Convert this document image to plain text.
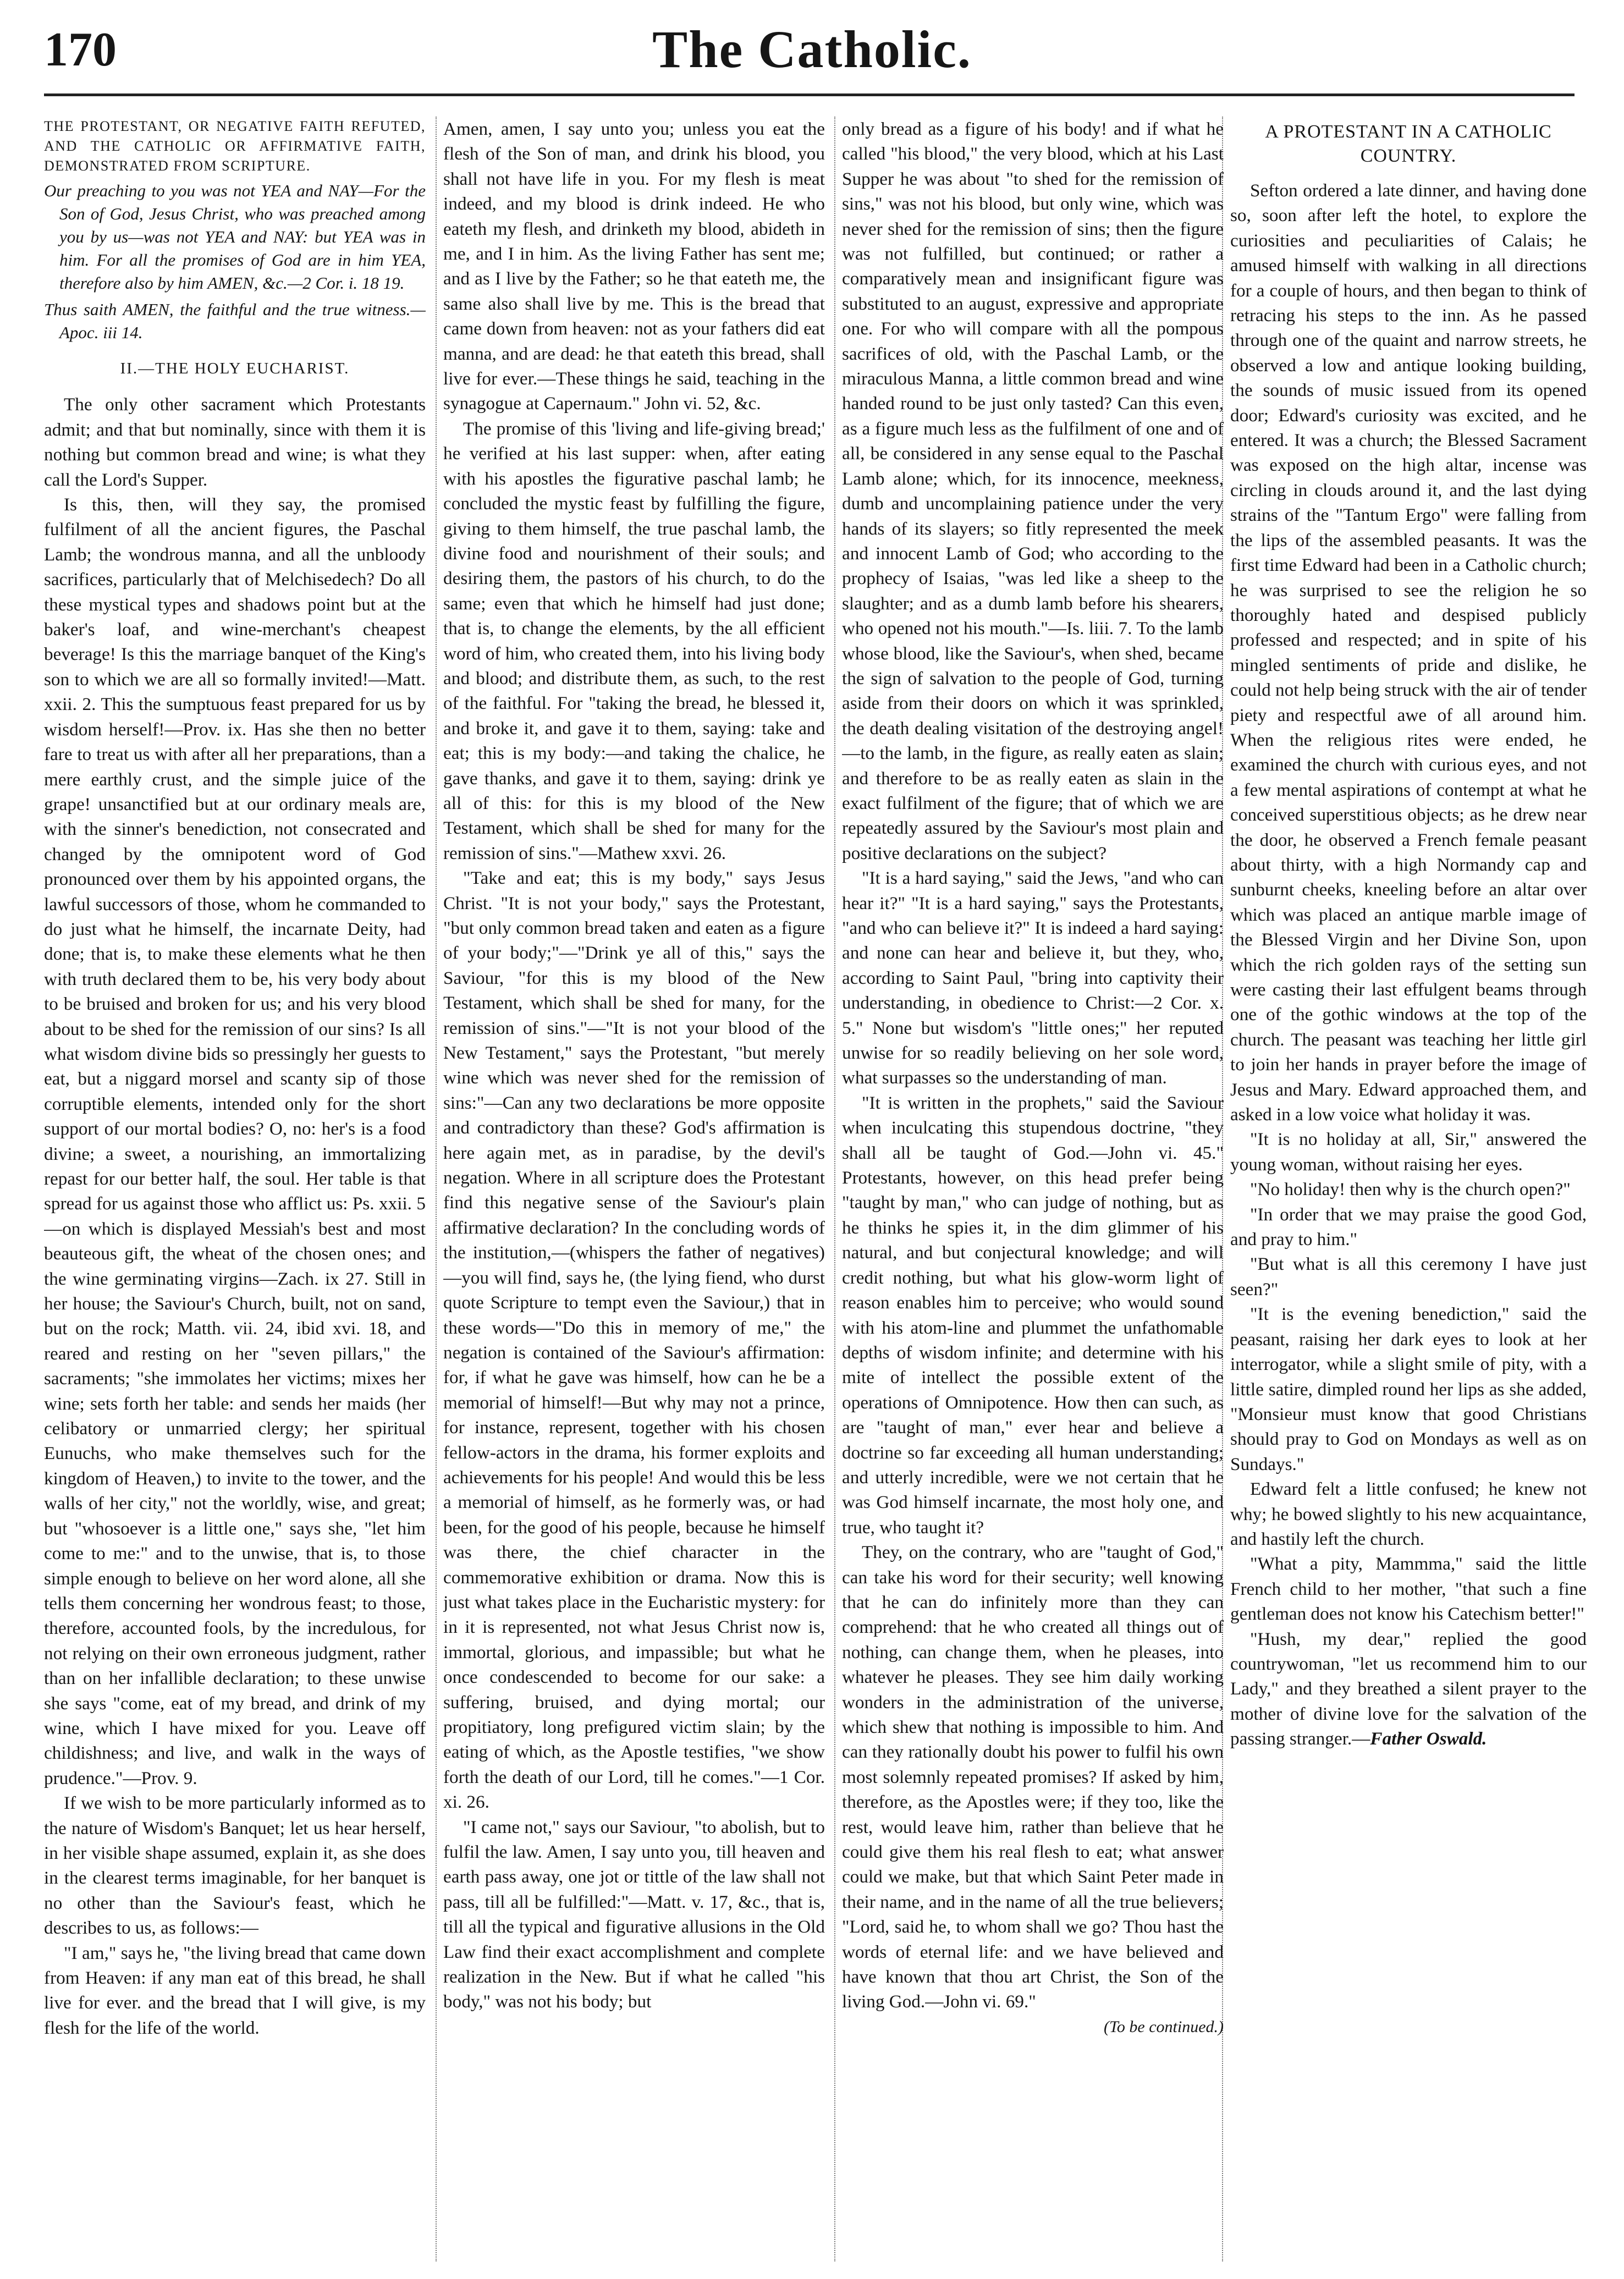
170	The Catholic.
THE PROTESTANT, OR NEGATIVE FAITH REFUTED, AND THE CATHOLIC OR AFFIRMATIVE FAITH, DEMONSTRATED FROM SCRIPTURE.
Our preaching to you was not YEA and NAY—For the Son of God, Jesus Christ, who was preached among you by us—was not YEA and NAY: but YEA was in him. For all the promises of God are in him YEA, therefore also by him AMEN, &c.—2 Cor. i. 18 19.
Thus saith AMEN, the faithful and the true witness.—Apoc. iii 14.
II.—THE HOLY EUCHARIST.

The only other sacrament which Protestants admit; and that but nominally, since with them it is nothing but common bread and wine; is what they call the Lord's Supper.

Is this, then, will they say, the promised fulfilment of all the ancient figures, the Paschal Lamb; the wondrous manna, and all the unbloody sacrifices, particularly that of Melchisedech? Do all these mystical types and shadows point but at the baker's loaf, and wine-merchant's cheapest beverage! Is this the marriage banquet of the King's son to which we are all so formally invited!—Matt. xxii. 2. This the sumptuous feast prepared for us by wisdom herself!—Prov. ix. Has she then no better fare to treat us with after all her preparations, than a mere earthly crust, and the simple juice of the grape! unsanctified but at our ordinary meals are, with the sinner's benediction, not consecrated and changed by the omnipotent word of God pronounced over them by his appointed organs, the lawful successors of those, whom he commanded to do just what he himself, the incarnate Deity, had done; that is, to make these elements what he then with truth declared them to be, his very body about to be bruised and broken for us; and his very blood about to be shed for the remission of our sins? Is all what wisdom divine bids so pressingly her guests to eat, but a niggard morsel and scanty sip of those corruptible elements, intended only for the short support of our mortal bodies? O, no: her's is a food divine; a sweet, a nourishing, an immortalizing repast for our better half, the soul. Her table is that spread for us against those who afflict us: Ps. xxii. 5—on which is displayed Messiah's best and most beauteous gift, the wheat of the chosen ones; and the wine germinating virgins—Zach. ix 27. Still in her house; the Saviour's Church, built, not on sand, but on the rock; Matth. vii. 24, ibid xvi. 18, and reared and resting on her "seven pillars," the sacraments; "she immolates her victims; mixes her wine; sets forth her table: and sends her maids (her celibatory or unmarried clergy; her spiritual Eunuchs, who make themselves such for the kingdom of Heaven,) to invite to the tower, and the walls of her city," not the worldly, wise, and great; but "whosoever is a little one," says she, "let him come to me:" and to the unwise, that is, to those simple enough to believe on her word alone, all she tells them concerning her wondrous feast; to those, therefore, accounted fools, by the incredulous, for not relying on their own erroneous judgment, rather than on her infallible declaration; to these unwise she says "come, eat of my bread, and drink of my wine, which I have mixed for you. Leave off childishness; and live, and walk in the ways of prudence."—Prov. 9.

If we wish to be more particularly informed as to the nature of Wisdom's Banquet; let us hear herself, in her visible shape assumed, explain it, as she does in the clearest terms imaginable, for her banquet is no other than the Saviour's feast, which he describes to us, as follows:—

"I am," says he, "the living bread that came down from Heaven: if any man eat of this bread, he shall live for ever. and the bread that I will give, is my flesh for the life of the world.

Amen, amen, I say unto you; unless you eat the flesh of the Son of man, and drink his blood, you shall not have life in you. For my flesh is meat indeed, and my blood is drink indeed. He who eateth my flesh, and drinketh my blood, abideth in me, and I in him. As the living Father has sent me; and as I live by the Father; so he that eateth me, the same also shall live by me. This is the bread that came down from heaven: not as your fathers did eat manna, and are dead: he that eateth this bread, shall live for ever.—These things he said, teaching in the synagogue at Capernaum." John vi. 52, &c.

The promise of this 'living and life-giving bread;' he verified at his last supper: when, after eating with his apostles the figurative paschal lamb; he concluded the mystic feast by fulfilling the figure, giving to them himself, the true paschal lamb, the divine food and nourishment of their souls; and desiring them, the pastors of his church, to do the same; even that which he himself had just done; that is, to change the elements, by the all efficient word of him, who created them, into his living body and blood; and distribute them, as such, to the rest of the faithful. For "taking the bread, he blessed it, and broke it, and gave it to them, saying: take and eat; this is my body:—and taking the chalice, he gave thanks, and gave it to them, saying: drink ye all of this: for this is my blood of the New Testament, which shall be shed for many for the remission of sins."—Mathew xxvi. 26.

"Take and eat; this is my body," says Jesus Christ. "It is not your body," says the Protestant, "but only common bread taken and eaten as a figure of your body;"—"Drink ye all of this," says the Saviour, "for this is my blood of the New Testament, which shall be shed for many, for the remission of sins."—"It is not your blood of the New Testament," says the Protestant, "but merely wine which was never shed for the remission of sins:"—Can any two declarations be more opposite and contradictory than these? God's affirmation is here again met, as in paradise, by the devil's negation. Where in all scripture does the Protestant find this negative sense of the Saviour's plain affirmative declaration? In the concluding words of the institution,—(whispers the father of negatives)—you will find, says he, (the lying fiend, who durst quote Scripture to tempt even the Saviour,) that in these words—"Do this in memory of me," the negation is contained of the Saviour's affirmation: for, if what he gave was himself, how can he be a memorial of himself!—But why may not a prince, for instance, represent, together with his chosen fellow-actors in the drama, his former exploits and achievements for his people! And would this be less a memorial of himself, as he formerly was, or had been, for the good of his people, because he himself was there, the chief character in the commemorative exhibition or drama. Now this is just what takes place in the Eucharistic mystery: for in it is represented, not what Jesus Christ now is, immortal, glorious, and impassible; but what he once condescended to become for our sake: a suffering, bruised, and dying mortal; our propitiatory, long prefigured victim slain; by the eating of which, as the Apostle testifies, "we show forth the death of our Lord, till he comes."—1 Cor. xi. 26.

"I came not," says our Saviour, "to abolish, but to fulfil the law. Amen, I say unto you, till heaven and earth pass away, one jot or tittle of the law shall not pass, till all be fulfilled:"—Matt. v. 17, &c., that is, till all the typical and figurative allusions in the Old Law find their exact accomplishment and complete realization in the New. But if what he called "his body," was not his body; but

only bread as a figure of his body! and if what he called "his blood," the very blood, which at his Last Supper he was about "to shed for the remission of sins," was not his blood, but only wine, which was never shed for the remission of sins; then the figure was not fulfilled, but continued; or rather a comparatively mean and insignificant figure was substituted to an august, expressive and appropriate one. For who will compare with all the pompous sacrifices of old, with the Paschal Lamb, or the miraculous Manna, a little common bread and wine handed round to be just only tasted? Can this even, as a figure much less as the fulfilment of one and of all, be considered in any sense equal to the Paschal Lamb alone; which, for its innocence, meekness, dumb and uncomplaining patience under the very hands of its slayers; so fitly represented the meek and innocent Lamb of God; who according to the prophecy of Isaias, "was led like a sheep to the slaughter; and as a dumb lamb before his shearers, who opened not his mouth."—Is. liii. 7. To the lamb whose blood, like the Saviour's, when shed, became the sign of salvation to the people of God, turning aside from their doors on which it was sprinkled, the death dealing visitation of the destroying angel!—to the lamb, in the figure, as really eaten as slain; and therefore to be as really eaten as slain in the exact fulfilment of the figure; that of which we are repeatedly assured by the Saviour's most plain and positive declarations on the subject?

"It is a hard saying," said the Jews, "and who can hear it?" "It is a hard saying," says the Protestants, "and who can believe it?" It is indeed a hard saying: and none can hear and believe it, but they, who, according to Saint Paul, "bring into captivity their understanding, in obedience to Christ:—2 Cor. x. 5." None but wisdom's "little ones;" her reputed unwise for so readily believing on her sole word, what surpasses so the understanding of man.

"It is written in the prophets," said the Saviour when inculcating this stupendous doctrine, "they shall all be taught of God.—John vi. 45." Protestants, however, on this head prefer being "taught by man," who can judge of nothing, but as he thinks he spies it, in the dim glimmer of his natural, and but conjectural knowledge; and will credit nothing, but what his glow-worm light of reason enables him to perceive; who would sound with his atom-line and plummet the unfathomable depths of wisdom infinite; and determine with his mite of intellect the possible extent of the operations of Omnipotence. How then can such, as are "taught of man," ever hear and believe a doctrine so far exceeding all human understanding; and utterly incredible, were we not certain that he was God himself incarnate, the most holy one, and true, who taught it?

They, on the contrary, who are "taught of God," can take his word for their security; well knowing that he can do infinitely more than they can comprehend: that he who created all things out of nothing, can change them, when he pleases, into whatever he pleases. They see him daily working wonders in the administration of the universe, which shew that nothing is impossible to him. And can they rationally doubt his power to fulfil his own most solemnly repeated promises? If asked by him, therefore, as the Apostles were; if they too, like the rest, would leave him, rather than believe that he could give them his real flesh to eat; what answer could we make, but that which Saint Peter made in their name, and in the name of all the true believers; "Lord, said he, to whom shall we go? Thou hast the words of eternal life: and we have believed and have known that thou art Christ, the Son of the living God.—John vi. 69."

(To be continued.)
A PROTESTANT IN A CATHOLIC COUNTRY.

Sefton ordered a late dinner, and having done so, soon after left the hotel, to explore the curiosities and peculiarities of Calais; he amused himself with walking in all directions for a couple of hours, and then began to think of retracing his steps to the inn. As he passed through one of the quaint and narrow streets, he observed a low and antique looking building, the sounds of music issued from its opened door; Edward's curiosity was excited, and he entered. It was a church; the Blessed Sacrament was exposed on the high altar, incense was circling in clouds around it, and the last dying strains of the "Tantum Ergo" were falling from the lips of the assembled peasants. It was the first time Edward had been in a Catholic church; he was surprised to see the religion he so thoroughly hated and despised publicly professed and respected; and in spite of his mingled sentiments of pride and dislike, he could not help being struck with the air of tender piety and respectful awe of all around him. When the religious rites were ended, he examined the church with curious eyes, and not a few mental aspirations of contempt at what he conceived superstitious objects; as he drew near the door, he observed a French female peasant about thirty, with a high Normandy cap and sunburnt cheeks, kneeling before an altar over which was placed an antique marble image of the Blessed Virgin and her Divine Son, upon which the rich golden rays of the setting sun were casting their last effulgent beams through one of the gothic windows at the top of the church. The peasant was teaching her little girl to join her hands in prayer before the image of Jesus and Mary. Edward approached them, and asked in a low voice what holiday it was.

"It is no holiday at all, Sir," answered the young woman, without raising her eyes.

"No holiday! then why is the church open?"

"In order that we may praise the good God, and pray to him."

"But what is all this ceremony I have just seen?"

"It is the evening benediction," said the peasant, raising her dark eyes to look at her interrogator, while a slight smile of pity, with a little satire, dimpled round her lips as she added, "Monsieur must know that good Christians should pray to God on Mondays as well as on Sundays."

Edward felt a little confused; he knew not why; he bowed slightly to his new acquaintance, and hastily left the church.

"What a pity, Mammma," said the little French child to her mother, "that such a fine gentleman does not know his Catechism better!"

"Hush, my dear," replied the good countrywoman, "let us recommend him to our Lady," and they breathed a silent prayer to the mother of divine love for the salvation of the passing stranger.—Father Oswald.
